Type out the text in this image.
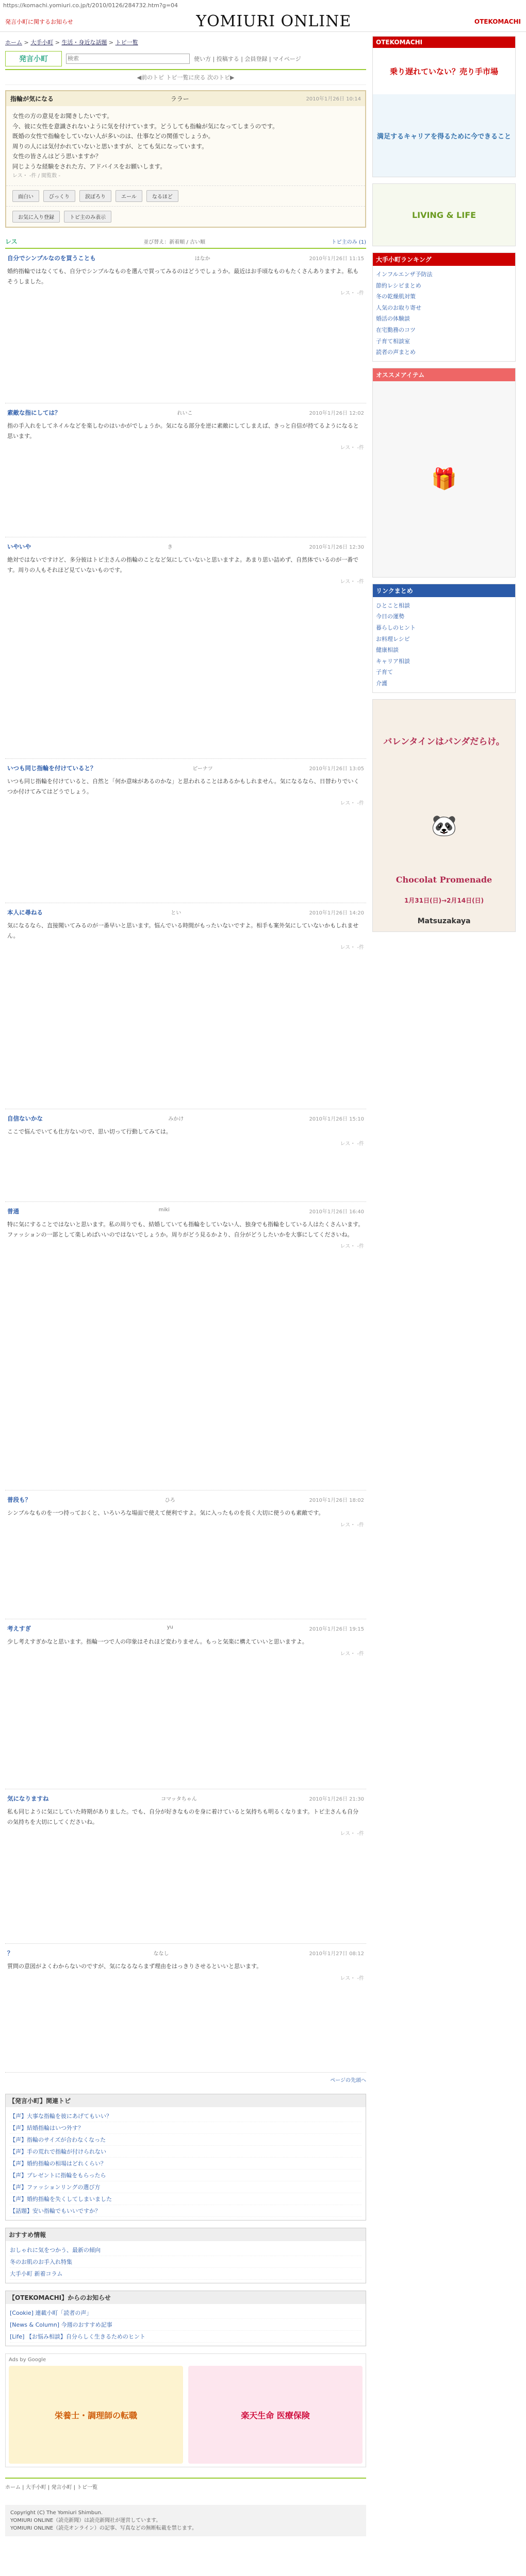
https://komachi.yomiuri.co.jp/t/2010/0126/284732.htm?g=04
発言小町に関するお知らせ	YOMIURI ONLINE	OTEKOMACHI
ホーム > 大手小町 > 生活・身近な話題 > トピ一覧
発言小町
検索	使い方 | 投稿する | 会員登録 | マイページ
◀前のトピ トピ一覧に戻る 次のトピ▶
指輪が気になる	ララー	2010年1月26日 10:14

女性の方の意見をお聞きしたいです。

今、彼に女性を意識されないように気を付けています。どうしても指輪が気になってしまうのです。

既婚の女性で指輪をしていない人が多いのは、仕事などの関係でしょうか。

周りの人には気付かれていないと思いますが、とても気になっています。

女性の皆さんはどう思いますか？

同じような経験をされた方、アドバイスをお願いします。

レス・ -件 / 閲覧数 -

面白い	びっくり	涙ぽろり	エール	なるほど
お気に入り登録	トピ主のみ表示
レス	並び替え：新着順 / 古い順	トピ主のみ (1)
自分でシンプルなのを買うことも	はなか	2010年1月26日 11:15
婚約指輪ではなくても、自分でシンプルなものを選んで買ってみるのはどうでしょうか。最近はお手頃なものもたくさんありますよ。私もそうしました。
レス・ -件
素敵な指にしては？	れいこ	2010年1月26日 12:02
指の手入れをしてネイルなどを楽しむのはいかがでしょうか。気になる部分を逆に素敵にしてしまえば、きっと自信が持てるようになると思います。
レス・ -件
いやいや	き	2010年1月26日 12:30
絶対ではないですけど、多分彼はトピ主さんの指輪のことなど気にしていないと思いますよ。あまり思い詰めず、自然体でいるのが一番です。周りの人もそれほど見ていないものです。
レス・ -件
いつも同じ指輪を付けていると？	ピーナツ	2010年1月26日 13:05
いつも同じ指輪を付けていると、自然と「何か意味があるのかな」と思われることはあるかもしれません。気になるなら、日替わりでいくつか付けてみてはどうでしょう。
レス・ -件
本人に尋ねる	とい	2010年1月26日 14:20
気になるなら、直接聞いてみるのが一番早いと思います。悩んでいる時間がもったいないですよ。相手も案外気にしていないかもしれません。
レス・ -件
自信ないかな	みかけ	2010年1月26日 15:10
ここで悩んでいても仕方ないので、思い切って行動してみては。
レス・ -件
普通	miki	2010年1月26日 16:40
特に気にすることではないと思います。私の周りでも、結婚していても指輪をしていない人、独身でも指輪をしている人はたくさんいます。ファッションの一部として楽しめばいいのではないでしょうか。周りがどう見るかより、自分がどうしたいかを大事にしてくださいね。
レス・ -件
普段も？	ひろ	2010年1月26日 18:02
シンプルなものを一つ持っておくと、いろいろな場面で使えて便利ですよ。気に入ったものを長く大切に使うのも素敵です。
レス・ -件
考えすぎ	yu	2010年1月26日 19:15
少し考えすぎかなと思います。指輪一つで人の印象はそれほど変わりません。もっと気楽に構えていいと思いますよ。
レス・ -件
気になりますね	コマッタちゃん	2010年1月26日 21:30
私も同じように気にしていた時期がありました。でも、自分が好きなものを身に着けていると気持ちも明るくなります。トピ主さんも自分の気持ちを大切にしてくださいね。
レス・ -件
？	ななし	2010年1月27日 08:12
質問の意図がよくわからないのですが、気になるならまず理由をはっきりさせるといいと思います。
レス・ -件
ページの先頭へ
【発言小町】関連トピ
【声】大事な指輪を彼にあげてもいい？
【声】結婚指輪はいつ外す？
【声】指輪のサイズが合わなくなった
【声】手の荒れで指輪が付けられない
【声】婚約指輪の相場はどれくらい？
【声】プレゼントに指輪をもらったら
【声】ファッションリングの選び方
【声】婚約指輪を失くしてしまいました
【話題】安い指輪でもいいですか？
おすすめ情報
おしゃれに気をつかう、最新の傾向
冬のお肌のお手入れ特集
大手小町 新着コラム
【OTEKOMACHI】からのお知らせ
[Cookie] 連載小町「読者の声」
[News & Column] 今週のおすすめ記事
[Life] 【お悩み相談】自分らしく生きるためのヒント
Ads by Google
栄養士・調理師の転職	楽天生命 医療保険
ホーム | 大手小町 | 発言小町 | トピ一覧

Copyright (C) The Yomiuri Shimbun.

YOMIURI ONLINE（読売新聞）は読売新聞社が運営しています。

YOMIURI ONLINE（読売オンライン）の記事、写真などの無断転載を禁じます。

OTEKOMACHI
乗り遅れていない？売り手市場
満足するキャリアを得るために今できること
LIVING & LIFE
大手小町ランキング
インフルエンザ予防法
節約レシピまとめ
冬の乾燥肌対策
人気のお取り寄せ
婚活の体験談
在宅勤務のコツ
子育て相談室
読者の声まとめ
オススメアイテム
🎁
リンクまとめ
ひとこと相談
今日の運勢
暮らしのヒント
お料理レシピ
健康相談
キャリア相談
子育て
介護
バレンタインはパンダだらけ。
🐼
Chocolat Promenade
1月31日(日)→2月14日(日)
Matsuzakaya
